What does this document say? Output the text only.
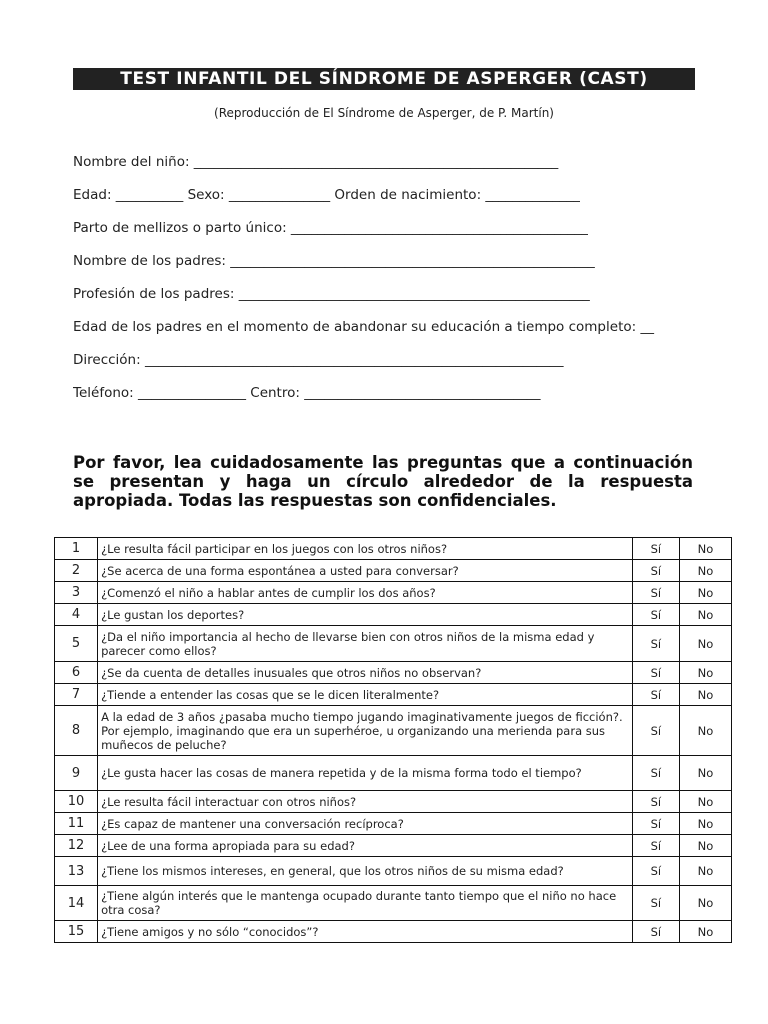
TEST INFANTIL DEL SÍNDROME DE ASPERGER (CAST)
(Reproducción de El Síndrome de Asperger, de P. Martín)
Nombre del niño: ______________________________________________________
Edad: __________ Sexo: _______________ Orden de nacimiento: ______________
Parto de mellizos o parto único: ____________________________________________
Nombre de los padres: ______________________________________________________
Profesión de los padres: ____________________________________________________
Edad de los padres en el momento de abandonar su educación a tiempo completo: __
Dirección: ______________________________________________________________
Teléfono: ________________ Centro: ___________________________________
Por favor, lea cuidadosamente las preguntas que a continuación se presentan y haga un círculo alrededor de la respuesta apropiada. Todas las respuestas son confidenciales.
1	¿Le resulta fácil participar en los juegos con los otros niños?	Sí	No
2	¿Se acerca de una forma espontánea a usted para conversar?	Sí	No
3	¿Comenzó el niño a hablar antes de cumplir los dos años?	Sí	No
4	¿Le gustan los deportes?	Sí	No
5	¿Da el niño importancia al hecho de llevarse bien con otros niños de la misma edad y parecer como ellos?	Sí	No
6	¿Se da cuenta de detalles inusuales que otros niños no observan?	Sí	No
7	¿Tiende a entender las cosas que se le dicen literalmente?	Sí	No
8	A la edad de 3 años ¿pasaba mucho tiempo jugando imaginativamente juegos de ficción?. Por ejemplo, imaginando que era un superhéroe, u organizando una merienda para sus muñecos de peluche?	Sí	No
9	¿Le gusta hacer las cosas de manera repetida y de la misma forma todo el tiempo?	Sí	No
10	¿Le resulta fácil interactuar con otros niños?	Sí	No
11	¿Es capaz de mantener una conversación recíproca?	Sí	No
12	¿Lee de una forma apropiada para su edad?	Sí	No
13	¿Tiene los mismos intereses, en general, que los otros niños de su misma edad?	Sí	No
14	¿Tiene algún interés que le mantenga ocupado durante tanto tiempo que el niño no hace otra cosa?	Sí	No
15	¿Tiene amigos y no sólo “conocidos”?	Sí	No
